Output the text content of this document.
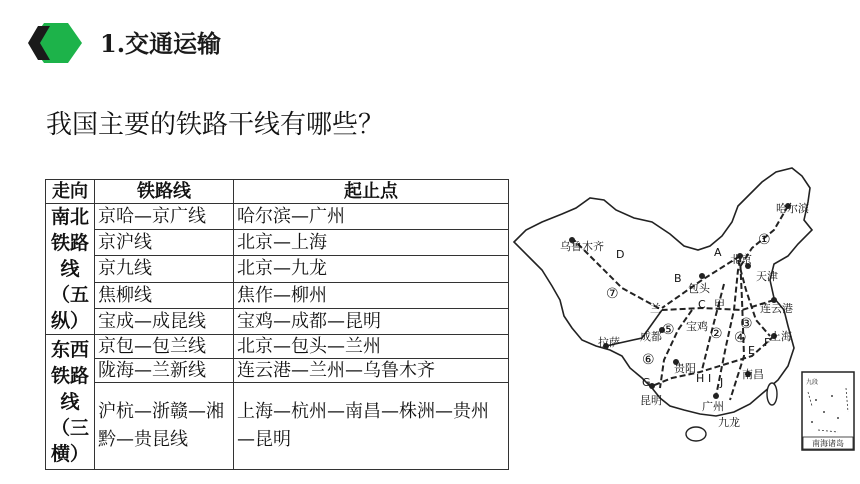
1.交通运输
我国主要的铁路干线有哪些？
走向	铁路线	起止点
南北铁路线（五纵）	京哈—京广线	哈尔滨—广州
	京沪线	北京—上海
	京九线	北京—九龙
	焦柳线	焦作—柳州
	宝成—成昆线	宝鸡—成都—昆明
东西铁路线（三横）	京包—包兰线	北京—包头—兰州
	陇海—兰新线	连云港—兰州—乌鲁木齐
	沪杭—浙赣—湘黔—贵昆线	上海—杭州—南昌—株洲—贵州—昆明
哈尔滨
乌鲁木齐
北京
天津
包头
连云港
兰
成都
宝鸡
上海
拉萨
贵阳	南昌
昆明	广州
九龙
①
②
③
④
⑤
⑥
⑦
A
B
C
D
E
F
G	H I J
甲
九段
南海诸岛
